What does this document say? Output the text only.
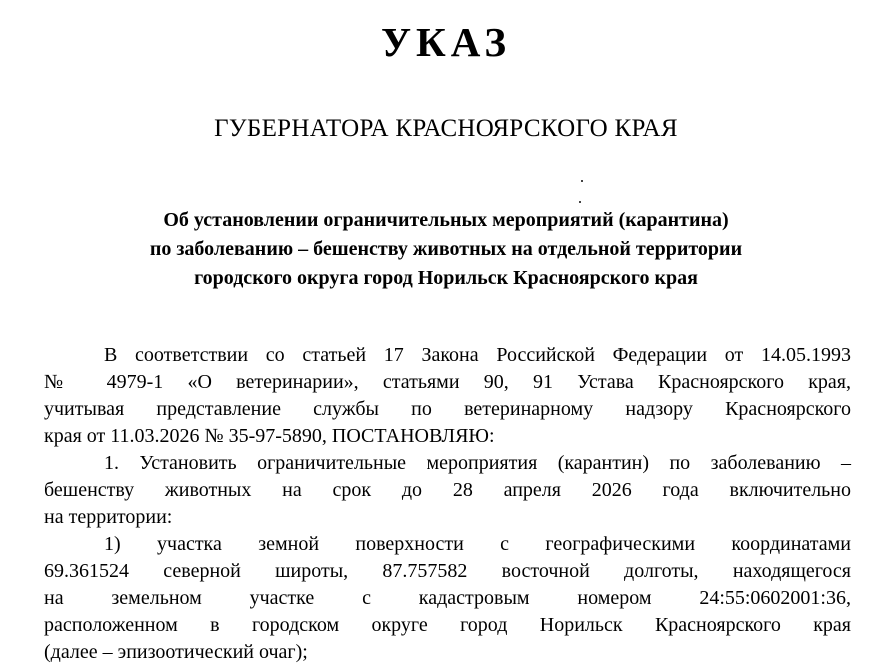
УКАЗ
ГУБЕРНАТОРА КРАСНОЯРСКОГО КРАЯ
Об установлении ограничительных мероприятий (карантина)
по заболеванию – бешенству животных на отдельной территории
городского округа город Норильск Красноярского края
В соответствии со статьей 17 Закона Российской Федерации от 14.05.1993
№ 4979-1 «О ветеринарии», статьями 90, 91 Устава Красноярского края,
учитывая представление службы по ветеринарному надзору Красноярского
края от 11.03.2026 № 35-97-5890, ПОСТАНОВЛЯЮ:
1. Установить ограничительные мероприятия (карантин) по заболеванию –
бешенству животных на срок до 28 апреля 2026 года включительно
на территории:
1) участка земной поверхности с географическими координатами
69.361524 северной широты, 87.757582 восточной долготы, находящегося
на земельном участке с кадастровым номером 24:55:0602001:36,
расположенном в городском округе город Норильск Красноярского края
(далее – эпизоотический очаг);
